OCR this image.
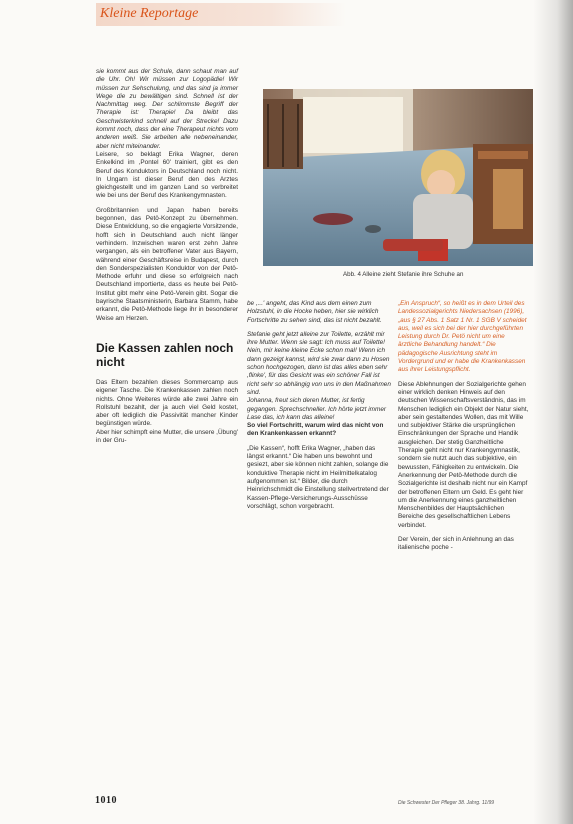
Kleine Reportage

sie kommt aus der Schule, dann schaut man auf die Uhr. Oh! Wir müssen zur Logopädie! Wir müssen zur Sehschulung, und das sind ja immer Wege die zu bewältigen sind. Schnell ist der Nachmittag weg. Der schlimmste Begriff der Therapie ist: Therapie! Da bleibt das Geschwisterkind schnell auf der Strecke! Dazu kommt noch, dass der eine Therapeut nichts vom anderen weiß. Sie arbeiten alle nebeneinander, aber nicht miteinander.

Leisere, so beklagt Erika Wagner, deren Enkelkind im ,Pontel 60' trainiert, gibt es den Beruf des Konduktors in Deutschland noch nicht. In Ungarn ist dieser Beruf den des Arztes gleichgestellt und im ganzen Land so verbreitet wie bei uns der Beruf des Krankengymnasten.

Großbritannien und Japan haben bereits begonnen, das Petö-Konzept zu übernehmen. Diese Entwicklung, so die engagierte Vorsitzende, hofft sich in Deutschland auch nicht länger verhindern. Inzwischen waren erst zehn Jahre vergangen, als ein betroffener Vater aus Bayern, während einer Geschäftsreise in Budapest, durch den Sonderspezialisten Konduktor von der Petö-Methode erfuhr und diese so erfolgreich nach Deutschland importierte, dass es heute bei Petö-Institut gibt mehr eine Petö-Verein gibt. Sogar die bayrische Staatsministerin, Barbara Stamm, habe erkannt, die Petö-Methode liege ihr in besonderer Weise am Herzen.

Die Kassen zahlen noch nicht

Das Eltern bezahlen dieses Sommercamp aus eigener Tasche. Die Krankenkassen zahlen noch nichts. Ohne Weiteres würde alle zwei Jahre ein Rollstuhl bezahlt, der ja auch viel Geld kostet, aber oft lediglich die Passivität mancher Kinder begünstigen würde.

Aber hier schimpft eine Mutter, die unsere ,Übung' in der Gru-

Abb. 4 Alleine zieht Stefanie ihre Schuhe an

be ,...' angeht, das Kind aus dem einen zum Holzstuhl, in die Hocke heben, hier sie wirklich Fortschritte zu sehen sind, das ist nicht bezahlt.

Stefanie geht jetzt alleine zur Toilette, erzählt mir ihre Mutter. Wenn sie sagt: Ich muss auf Toilette! Nein, mir keine kleine Ecke schon mal! Wenn ich dann gezeigt kannst, wird sie zwar dann zu Hosen schon hochgezogen, dann ist das alles eben sehr ,flinke', für das Gesicht was ein schöner Fall ist richt sehr so abhängig von uns in den Maßnahmen sind.

Johanna, freut sich deren Mutter, ist fertig gegangen. Sprechschneller. Ich hörte jetzt immer Lase das, ich kann das alleine!

So viel Fortschritt, warum wird das nicht von den Krankenkassen erkannt?

„Die Kassen“, hofft Erika Wagner, „haben das längst erkannt.“ Die haben uns bewohnt und gesiezt, aber sie können nicht zahlen, solange die konduktive Therapie nicht im Heilmittelkatalog aufgenommen ist.“ Bilder, die durch Heinrichschmidt die Einstellung stellvertretend der Kassen-Pflege-Versicherungs-Ausschüsse vorschlägt, schon vorgebracht.

„Ein Anspruch“, so heißt es in dem Urteil des Landessozialgerichts Niedersachsen (1996), „aus § 27 Abs. 1 Satz 1 Nr. 1 SGB V scheidet aus, weil es sich bei der hier durchgeführten Leistung durch Dr. Petö nicht um eine ärztliche Behandlung handelt.“ Die pädagogische Ausrichtung steht im Vordergrund und er habe die Krankenkassen aus ihrer Leistungspflicht.

Diese Ablehnungen der Sozialgerichte gehen einer wirklich denken Hinweis auf den deutschen Wissenschaftsverständnis, das im Menschen lediglich ein Objekt der Natur sieht, aber sein gestaltendes Wollen, das mit Wille und subjektiver Stärke die ursprünglichen Einschränkungen der Sprache und Handik ausgleichen. Der stetig Ganzheitliche Therapie geht nicht nur Krankengymnastik, sondern sie nutzt auch das subjektive, ein bewussten, Fähigkeiten zu entwickeln. Die Anerkennung der Petö-Methode durch die Sozialgerichte ist deshalb nicht nur ein Kampf der betroffenen Eltern um Geld. Es geht hier um die Anerkennung eines ganzheitlichen Menschenbildes der Hauptsächlichen Bereiche des gesellschaftlichen Lebens verbindet.

Der Verein, der sich in Anlehnung an das italienische poche -

1010	Die Schwester Der Pfleger 38. Jahrg. 11/99
